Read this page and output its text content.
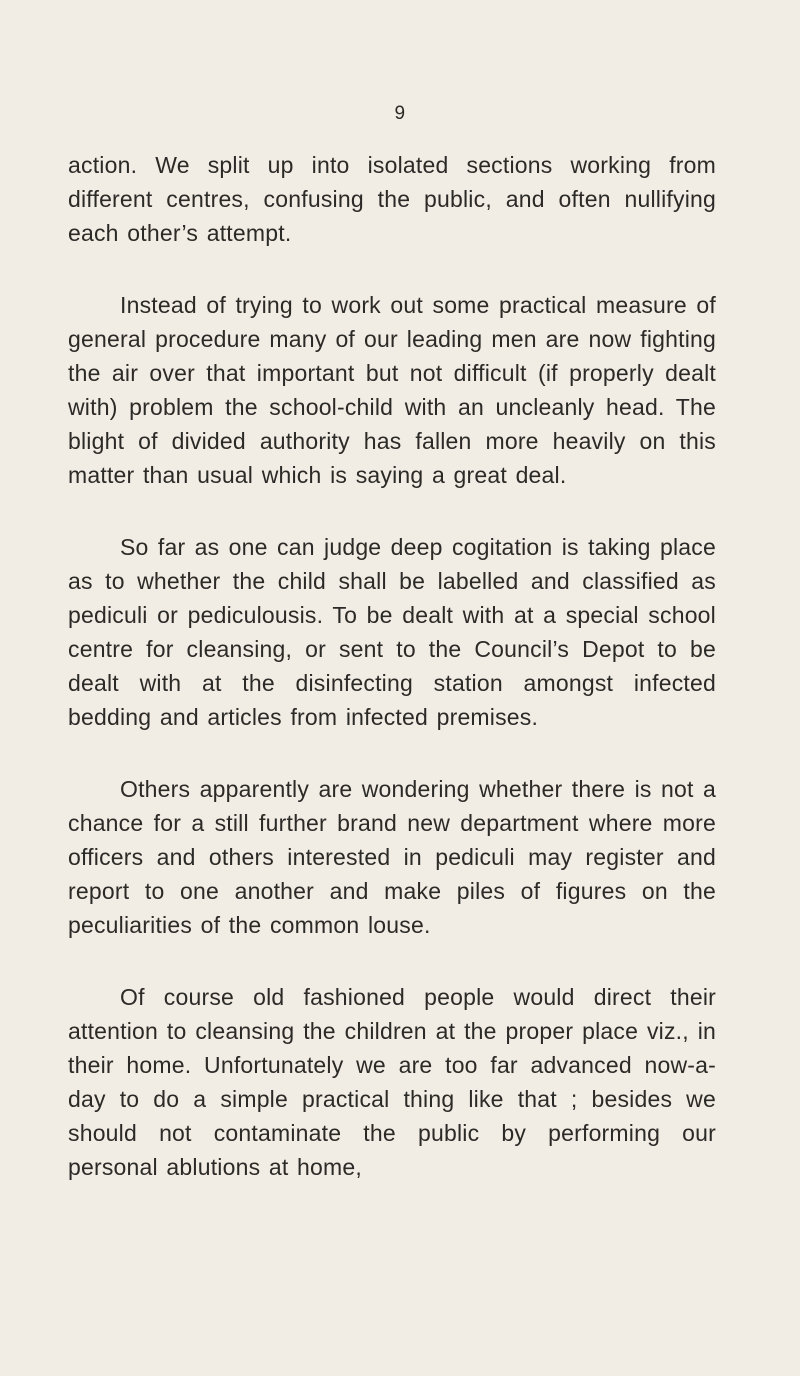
9

action. We split up into isolated sections working from different centres, confusing the public, and often nullifying each other’s attempt.

Instead of trying to work out some practical measure of general procedure many of our leading men are now fighting the air over that important but not difficult (if properly dealt with) problem the school-child with an uncleanly head. The blight of divided authority has fallen more heavily on this matter than usual which is saying a great deal.

So far as one can judge deep cogitation is taking place as to whether the child shall be labelled and classified as pediculi or pediculousis. To be dealt with at a special school centre for cleansing, or sent to the Council’s Depot to be dealt with at the disinfecting station amongst infected bedding and articles from infected premises.

Others apparently are wondering whether there is not a chance for a still further brand new department where more officers and others interested in pediculi may register and report to one another and make piles of figures on the peculiarities of the common louse.

Of course old fashioned people would direct their attention to cleansing the children at the proper place viz., in their home. Unfortunately we are too far advanced now-a-day to do a simple practical thing like that ; besides we should not contaminate the public by performing our personal ablutions at home,
